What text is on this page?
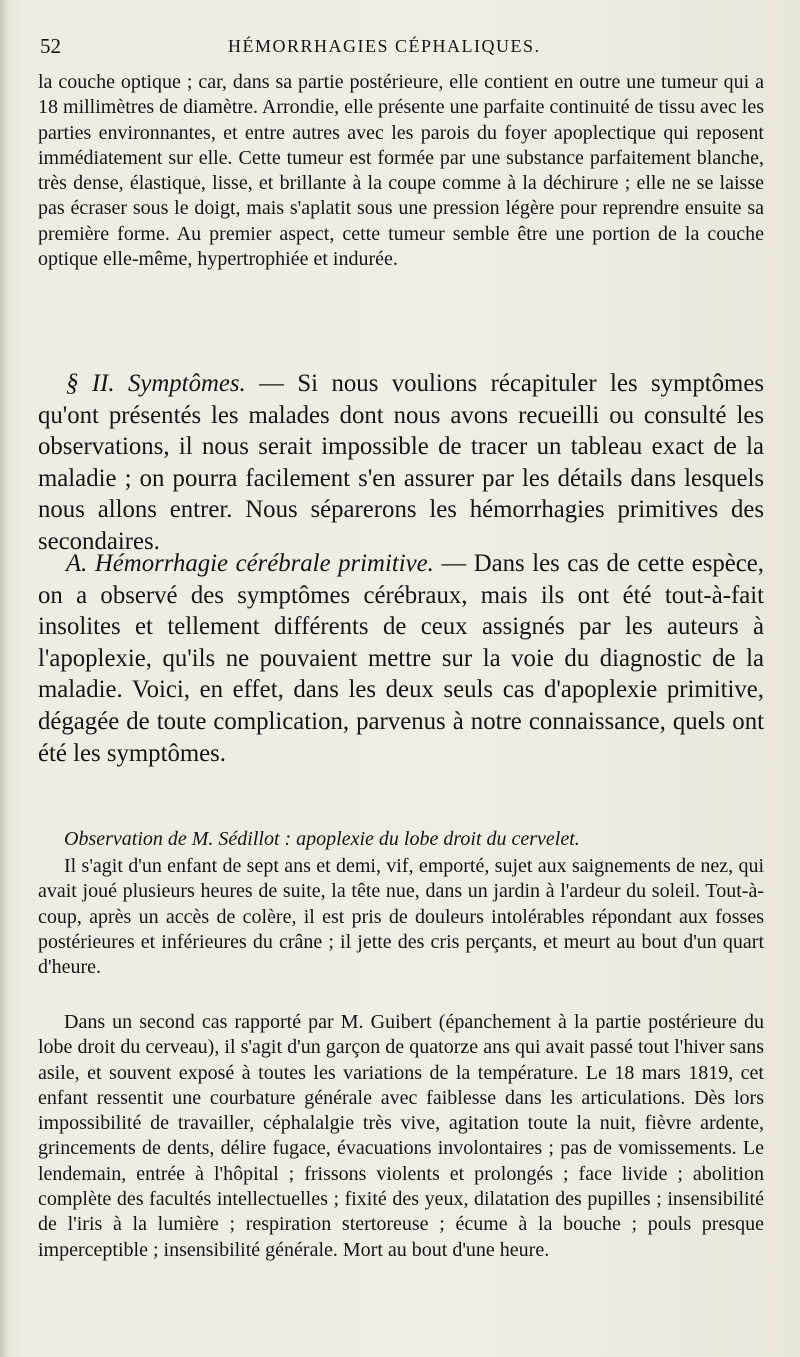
52	HÉMORRHAGIES CÉPHALIQUES.

la couche optique ; car, dans sa partie postérieure, elle contient en outre une tumeur qui a 18 millimètres de diamètre. Arrondie, elle présente une parfaite continuité de tissu avec les parties environnantes, et entre autres avec les parois du foyer apoplectique qui reposent immédiatement sur elle. Cette tumeur est formée par une substance parfaitement blanche, très dense, élastique, lisse, et brillante à la coupe comme à la déchirure ; elle ne se laisse pas écraser sous le doigt, mais s'aplatit sous une pression légère pour reprendre ensuite sa première forme. Au premier aspect, cette tumeur semble être une portion de la couche optique elle-même, hypertrophiée et indurée.

§ II. Symptômes. — Si nous voulions récapituler les symptômes qu'ont présentés les malades dont nous avons recueilli ou consulté les observations, il nous serait impossible de tracer un tableau exact de la maladie ; on pourra facilement s'en assurer par les détails dans lesquels nous allons entrer. Nous séparerons les hémorrhagies primitives des secondaires.

A. Hémorrhagie cérébrale primitive. — Dans les cas de cette espèce, on a observé des symptômes cérébraux, mais ils ont été tout-à-fait insolites et tellement différents de ceux assignés par les auteurs à l'apoplexie, qu'ils ne pouvaient mettre sur la voie du diagnostic de la maladie. Voici, en effet, dans les deux seuls cas d'apoplexie primitive, dégagée de toute complication, parvenus à notre connaissance, quels ont été les symptômes.

Observation de M. Sédillot : apoplexie du lobe droit du cervelet.

Il s'agit d'un enfant de sept ans et demi, vif, emporté, sujet aux saignements de nez, qui avait joué plusieurs heures de suite, la tête nue, dans un jardin à l'ardeur du soleil. Tout-à-coup, après un accès de colère, il est pris de douleurs intolérables répondant aux fosses postérieures et inférieures du crâne ; il jette des cris perçants, et meurt au bout d'un quart d'heure.

Dans un second cas rapporté par M. Guibert (épanchement à la partie postérieure du lobe droit du cerveau), il s'agit d'un garçon de quatorze ans qui avait passé tout l'hiver sans asile, et souvent exposé à toutes les variations de la température. Le 18 mars 1819, cet enfant ressentit une courbature générale avec faiblesse dans les articulations. Dès lors impossibilité de travailler, céphalalgie très vive, agitation toute la nuit, fièvre ardente, grincements de dents, délire fugace, évacuations involontaires ; pas de vomissements. Le lendemain, entrée à l'hôpital ; frissons violents et prolongés ; face livide ; abolition complète des facultés intellectuelles ; fixité des yeux, dilatation des pupilles ; insensibilité de l'iris à la lumière ; respiration stertoreuse ; écume à la bouche ; pouls presque imperceptible ; insensibilité générale. Mort au bout d'une heure.
